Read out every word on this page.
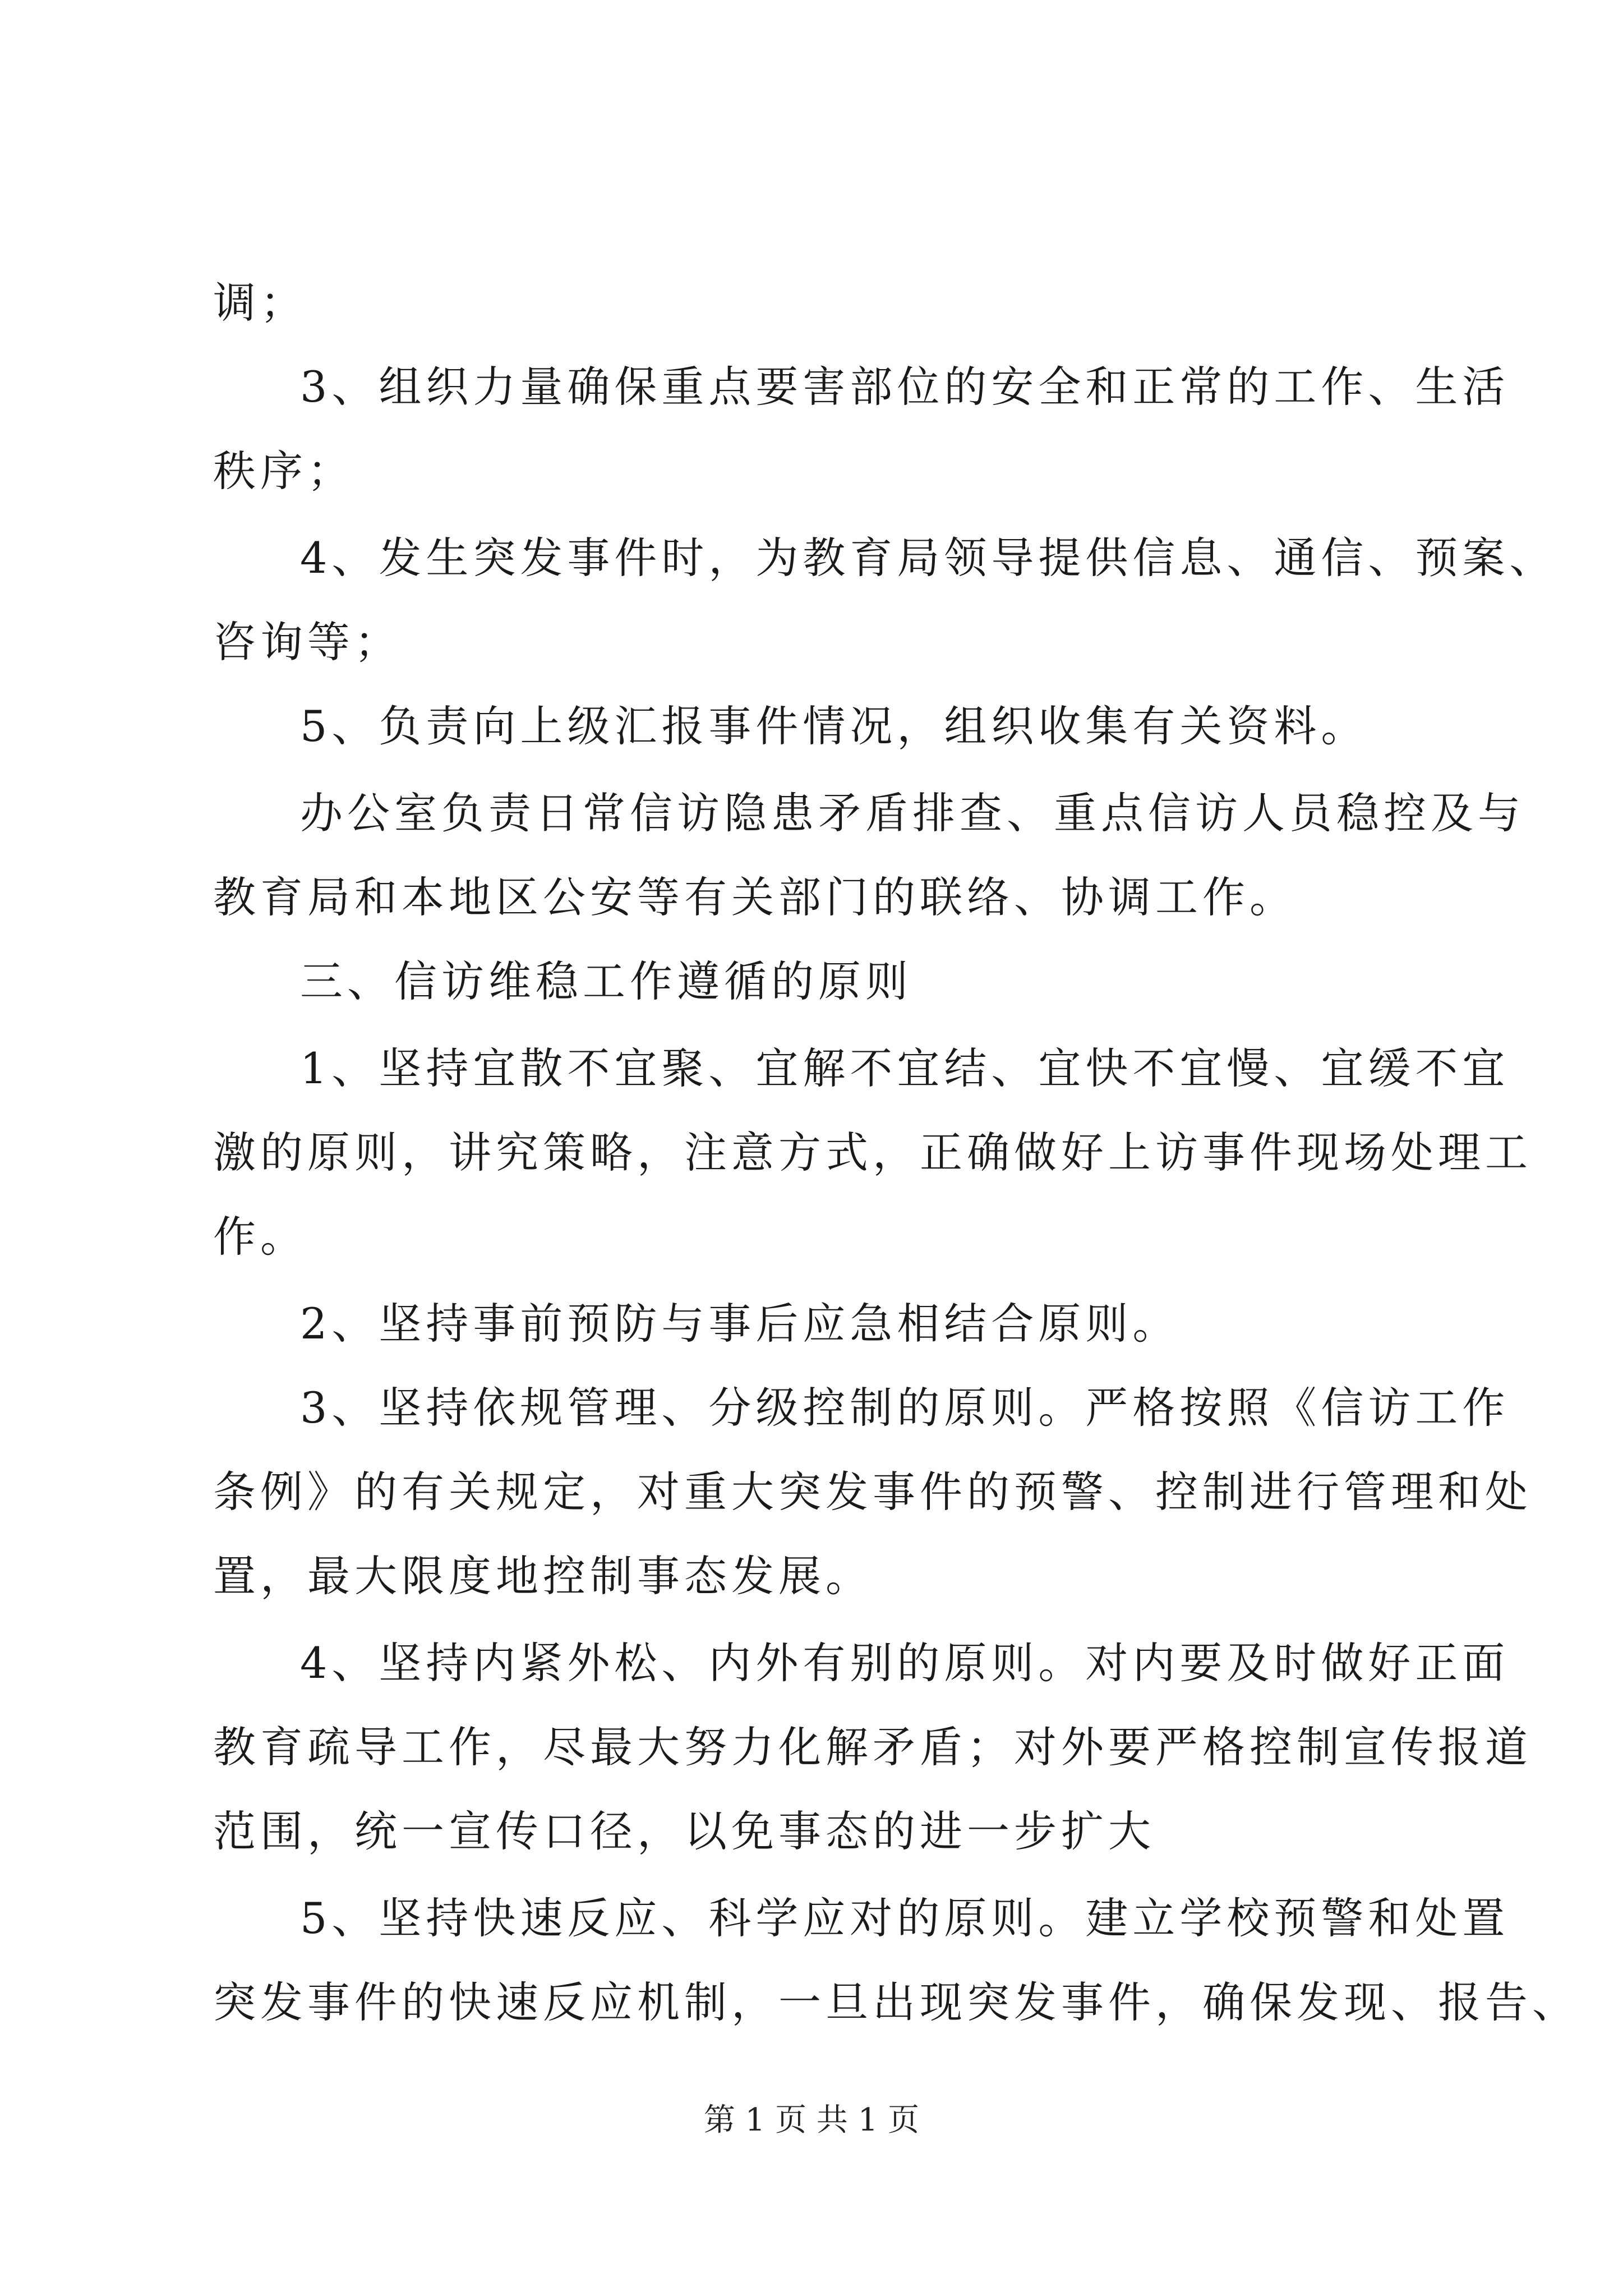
调；
3、组织力量确保重点要害部位的安全和正常的工作、生活
秩序；
4、发生突发事件时，为教育局领导提供信息、通信、预案、
咨询等；
5、负责向上级汇报事件情况，组织收集有关资料。
办公室负责日常信访隐患矛盾排查、重点信访人员稳控及与
教育局和本地区公安等有关部门的联络、协调工作。
三、信访维稳工作遵循的原则
1、坚持宜散不宜聚、宜解不宜结、宜快不宜慢、宜缓不宜
激的原则，讲究策略，注意方式，正确做好上访事件现场处理工
作。
2、坚持事前预防与事后应急相结合原则。
3、坚持依规管理、分级控制的原则。严格按照《信访工作
条例》的有关规定，对重大突发事件的预警、控制进行管理和处
置，最大限度地控制事态发展。
4、坚持内紧外松、内外有别的原则。对内要及时做好正面
教育疏导工作，尽最大努力化解矛盾；对外要严格控制宣传报道
范围，统一宣传口径，以免事态的进一步扩大
5、坚持快速反应、科学应对的原则。建立学校预警和处置
突发事件的快速反应机制，一旦出现突发事件，确保发现、报告、
第 1 页 共 1 页
